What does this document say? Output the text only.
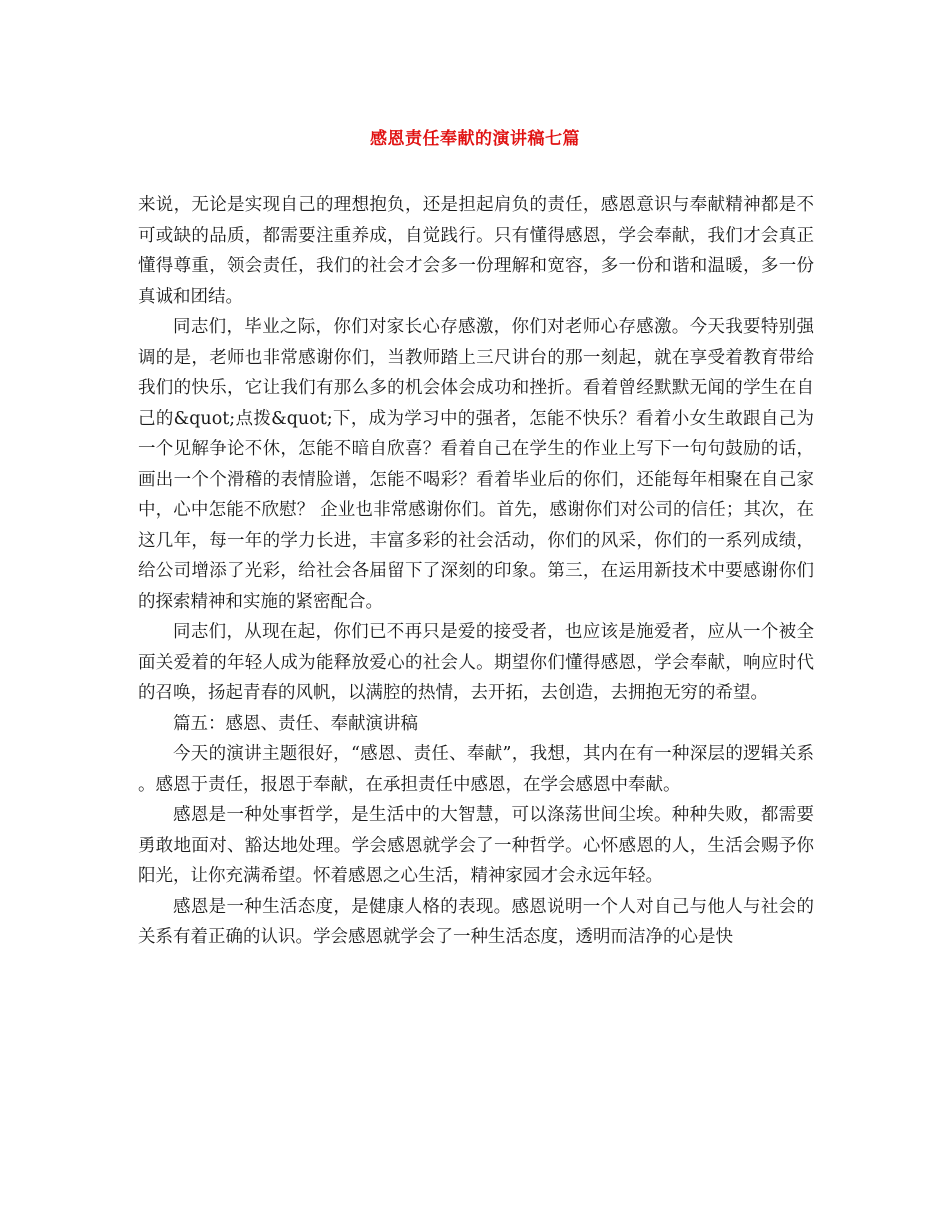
感恩责任奉献的演讲稿七篇

来说，无论是实现自己的理想抱负，还是担起肩负的责任，感恩意识与奉献精神都是不可或缺的品质，都需要注重养成，自觉践行。只有懂得感恩，学会奉献，我们才会真正懂得尊重，领会责任，我们的社会才会多一份理解和宽容，多一份和谐和温暖，多一份真诚和团结。

同志们，毕业之际，你们对家长心存感激，你们对老师心存感激。今天我要特别强调的是，老师也非常感谢你们，当教师踏上三尺讲台的那一刻起，就在享受着教育带给我们的快乐，它让我们有那么多的机会体会成功和挫折。看着曾经默默无闻的学生在自己的&quot;点拨&quot;下，成为学习中的强者，怎能不快乐？看着小女生敢跟自己为一个见解争论不休，怎能不暗自欣喜？看着自己在学生的作业上写下一句句鼓励的话，画出一个个滑稽的表情脸谱，怎能不喝彩？看着毕业后的你们，还能每年相聚在自己家中，心中怎能不欣慰？ 企业也非常感谢你们。首先，感谢你们对公司的信任；其次，在这几年，每一年的学力长进，丰富多彩的社会活动，你们的风采，你们的一系列成绩，给公司增添了光彩，给社会各届留下了深刻的印象。第三，在运用新技术中要感谢你们的探索精神和实施的紧密配合。

同志们，从现在起，你们已不再只是爱的接受者，也应该是施爱者，应从一个被全面关爱着的年轻人成为能释放爱心的社会人。期望你们懂得感恩，学会奉献，响应时代的召唤，扬起青春的风帆，以满腔的热情，去开拓，去创造，去拥抱无穷的希望。

篇五：感恩、责任、奉献演讲稿

今天的演讲主题很好，“感恩、责任、奉献”，我想，其内在有一种深层的逻辑关系。感恩于责任，报恩于奉献，在承担责任中感恩，在学会感恩中奉献。

感恩是一种处事哲学，是生活中的大智慧，可以涤荡世间尘埃。种种失败，都需要勇敢地面对、豁达地处理。学会感恩就学会了一种哲学。心怀感恩的人，生活会赐予你阳光，让你充满希望。怀着感恩之心生活，精神家园才会永远年轻。

感恩是一种生活态度，是健康人格的表现。感恩说明一个人对自己与他人与社会的关系有着正确的认识。学会感恩就学会了一种生活态度，透明而洁净的心是快
